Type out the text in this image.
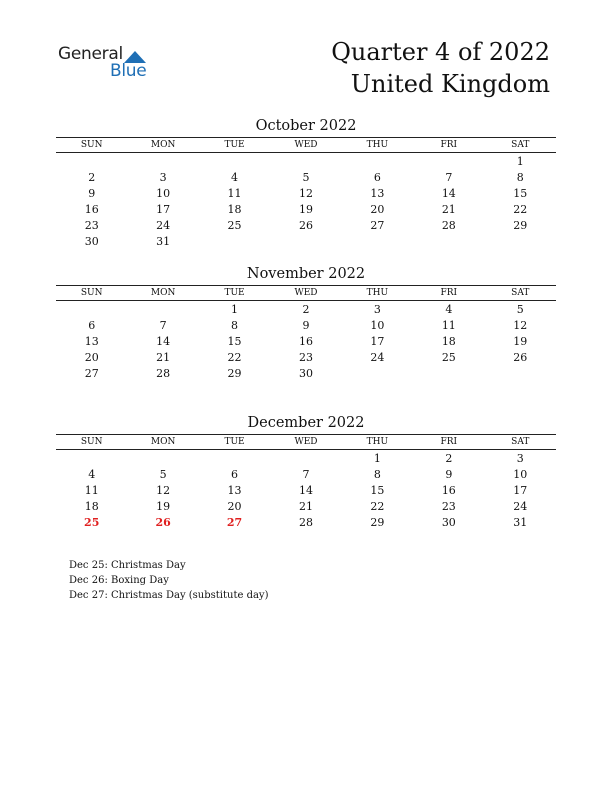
General
Blue
Quarter 4 of 2022
United Kingdom
October 2022
SUN	MON	TUE	WED	THU	FRI	SAT
						1
2	3	4	5	6	7	8
9	10	11	12	13	14	15
16	17	18	19	20	21	22
23	24	25	26	27	28	29
30	31					
November 2022
SUN	MON	TUE	WED	THU	FRI	SAT
		1	2	3	4	5
6	7	8	9	10	11	12
13	14	15	16	17	18	19
20	21	22	23	24	25	26
27	28	29	30			
December 2022
SUN	MON	TUE	WED	THU	FRI	SAT
				1	2	3
4	5	6	7	8	9	10
11	12	13	14	15	16	17
18	19	20	21	22	23	24
25	26	27	28	29	30	31
Dec 25: Christmas Day
Dec 26: Boxing Day
Dec 27: Christmas Day (substitute day)
